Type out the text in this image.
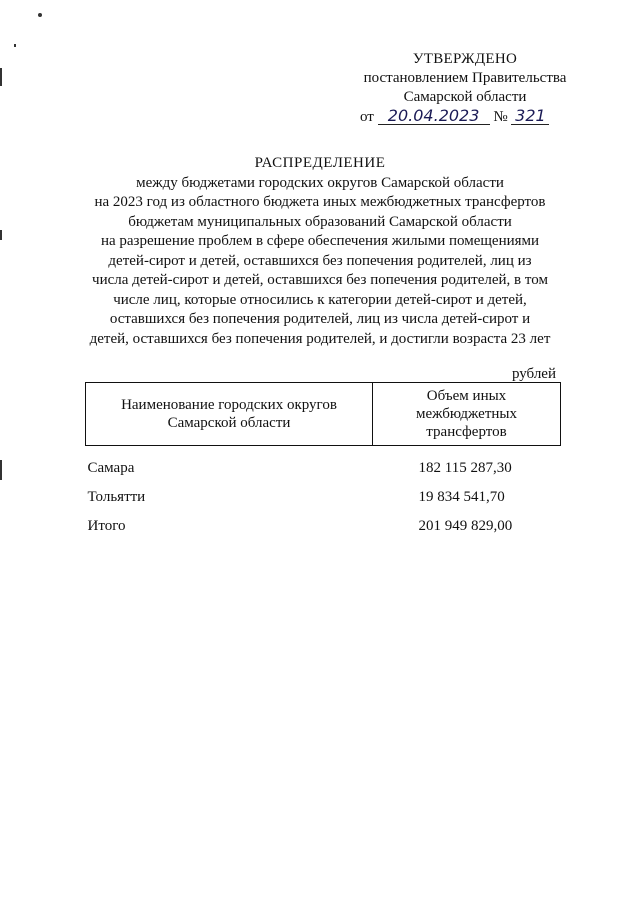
УТВЕРЖДЕНО
постановлением Правительства
Самарской области
от 20.04.2023 № 321
РАСПРЕДЕЛЕНИЕ
между бюджетами городских округов Самарской области
на 2023 год из областного бюджета иных межбюджетных трансфертов
бюджетам муниципальных образований Самарской области
на разрешение проблем в сфере обеспечения жилыми помещениями
детей-сирот и детей, оставшихся без попечения родителей, лиц из
числа детей-сирот и детей, оставшихся без попечения родителей, в том
числе лиц, которые относились к категории детей-сирот и детей,
оставшихся без попечения родителей, лиц из числа детей-сирот и
детей, оставшихся без попечения родителей, и достигли возраста 23 лет
рублей
Наименование городских округов Самарской области	Объем иных межбюджетных трансфертов
Самара	182 115 287,30
Тольятти	19 834 541,70
Итого	201 949 829,00
